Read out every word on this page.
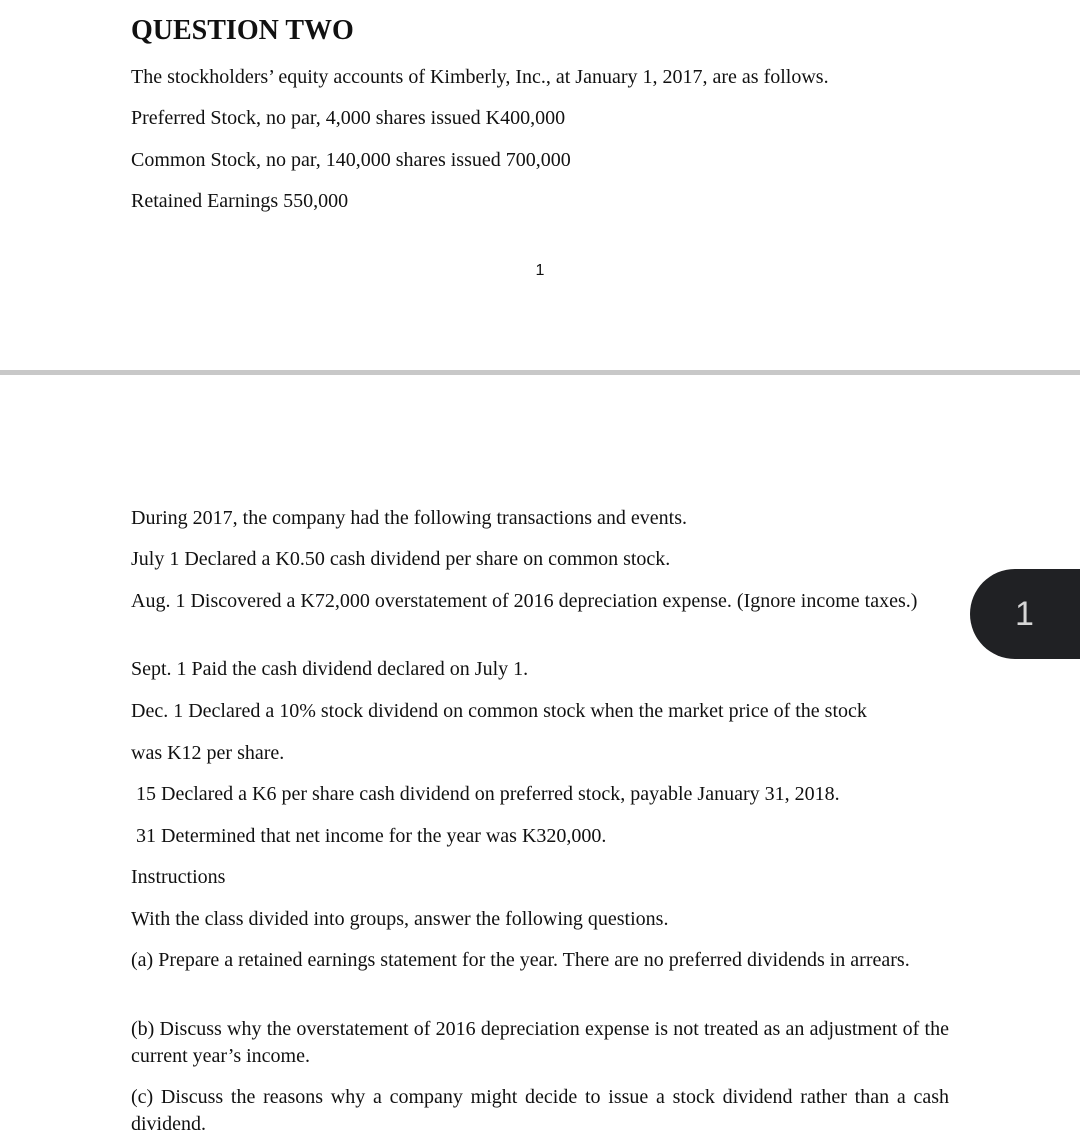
QUESTION TWO

The stockholders’ equity accounts of Kimberly, Inc., at January 1, 2017, are as follows.

Preferred Stock, no par, 4,000 shares issued K400,000

Common Stock, no par, 140,000 shares issued 700,000

Retained Earnings 550,000

1

During 2017, the company had the following transactions and events.

July 1 Declared a K0.50 cash dividend per share on common stock.

Aug. 1 Discovered a K72,000 overstatement of 2016 depreciation expense. (Ignore income taxes.)

Sept. 1 Paid the cash dividend declared on July 1.

Dec. 1 Declared a 10% stock dividend on common stock when the market price of the stock

was K12 per share.

15 Declared a K6 per share cash dividend on preferred stock, payable January 31, 2018.

31 Determined that net income for the year was K320,000.

Instructions

With the class divided into groups, answer the following questions.

(a) Prepare a retained earnings statement for the year. There are no preferred dividends in arrears.

(b) Discuss why the overstatement of 2016 depreciation expense is not treated as an adjustment of the current year’s income.

(c) Discuss the reasons why a company might decide to issue a stock dividend rather than a cash dividend.

1
